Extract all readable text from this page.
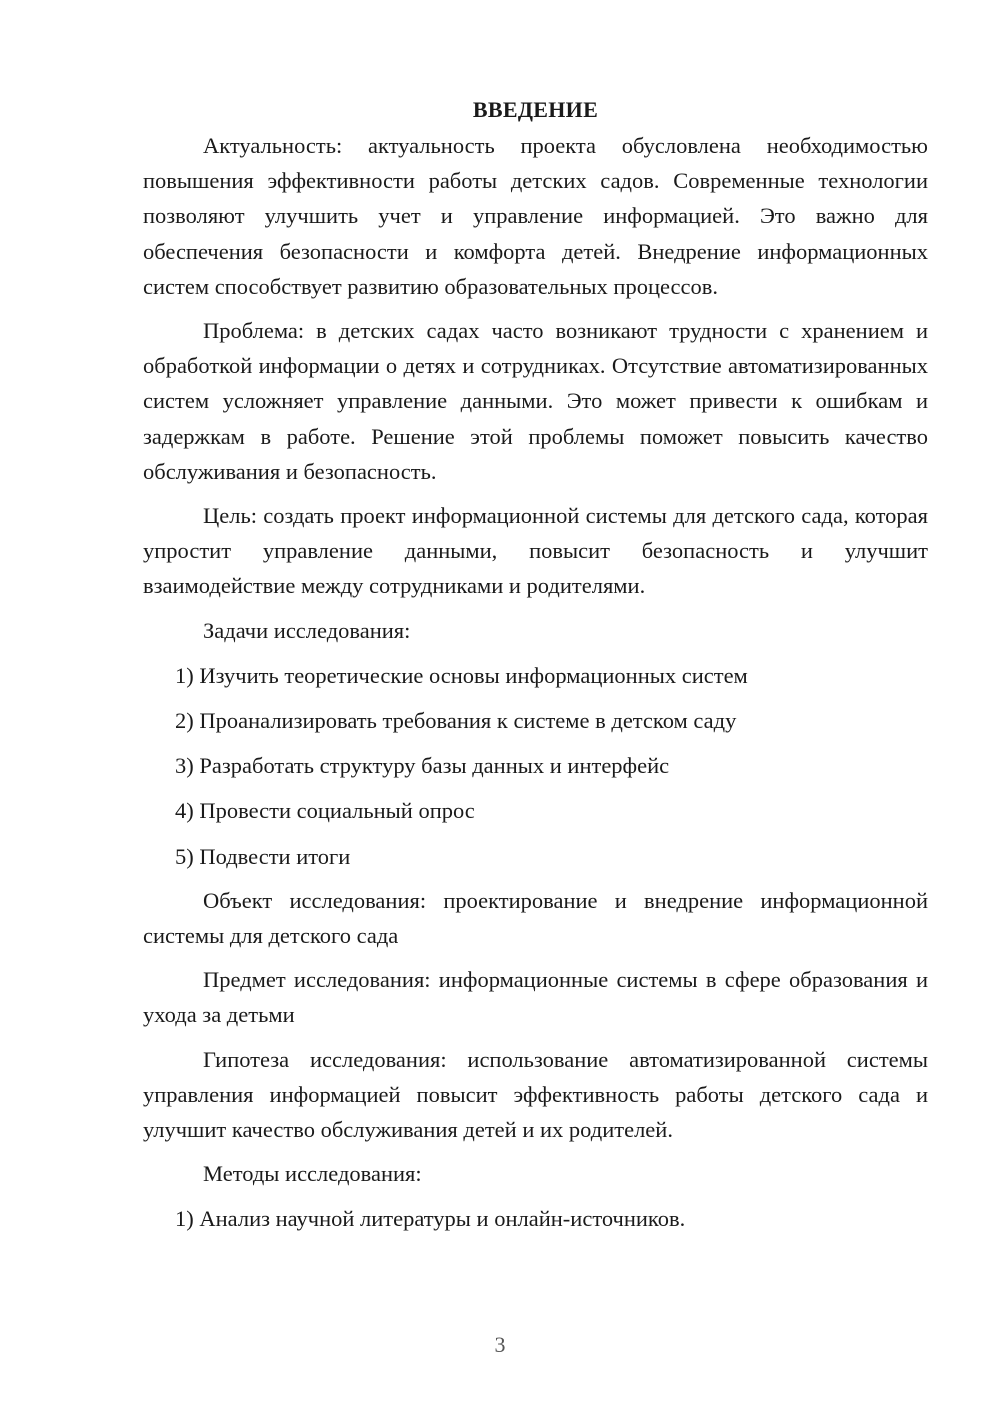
ВВЕДЕНИЕ

Актуальность: актуальность проекта обусловлена необходимостью повышения эффективности работы детских садов. Современные технологии позволяют улучшить учет и управление информацией. Это важно для обеспечения безопасности и комфорта детей. Внедрение информационных систем способствует развитию образовательных процессов.

Проблема: в детских садах часто возникают трудности с хранением и обработкой информации о детях и сотрудниках. Отсутствие автоматизированных систем усложняет управление данными. Это может привести к ошибкам и задержкам в работе. Решение этой проблемы поможет повысить качество обслуживания и безопасность.

Цель: создать проект информационной системы для детского сада, которая упростит управление данными, повысит безопасность и улучшит взаимодействие между сотрудниками и родителями.

Задачи исследования:

1) Изучить теоретические основы информационных систем
2) Проанализировать требования к системе в детском саду
3) Разработать структуру базы данных и интерфейс
4) Провести социальный опрос
5) Подвести итоги

Объект исследования: проектирование и внедрение информационной системы для детского сада

Предмет исследования: информационные системы в сфере образования и ухода за детьми

Гипотеза исследования: использование автоматизированной системы управления информацией повысит эффективность работы детского сада и улучшит качество обслуживания детей и их родителей.

Методы исследования:

1) Анализ научной литературы и онлайн-источников.
3
